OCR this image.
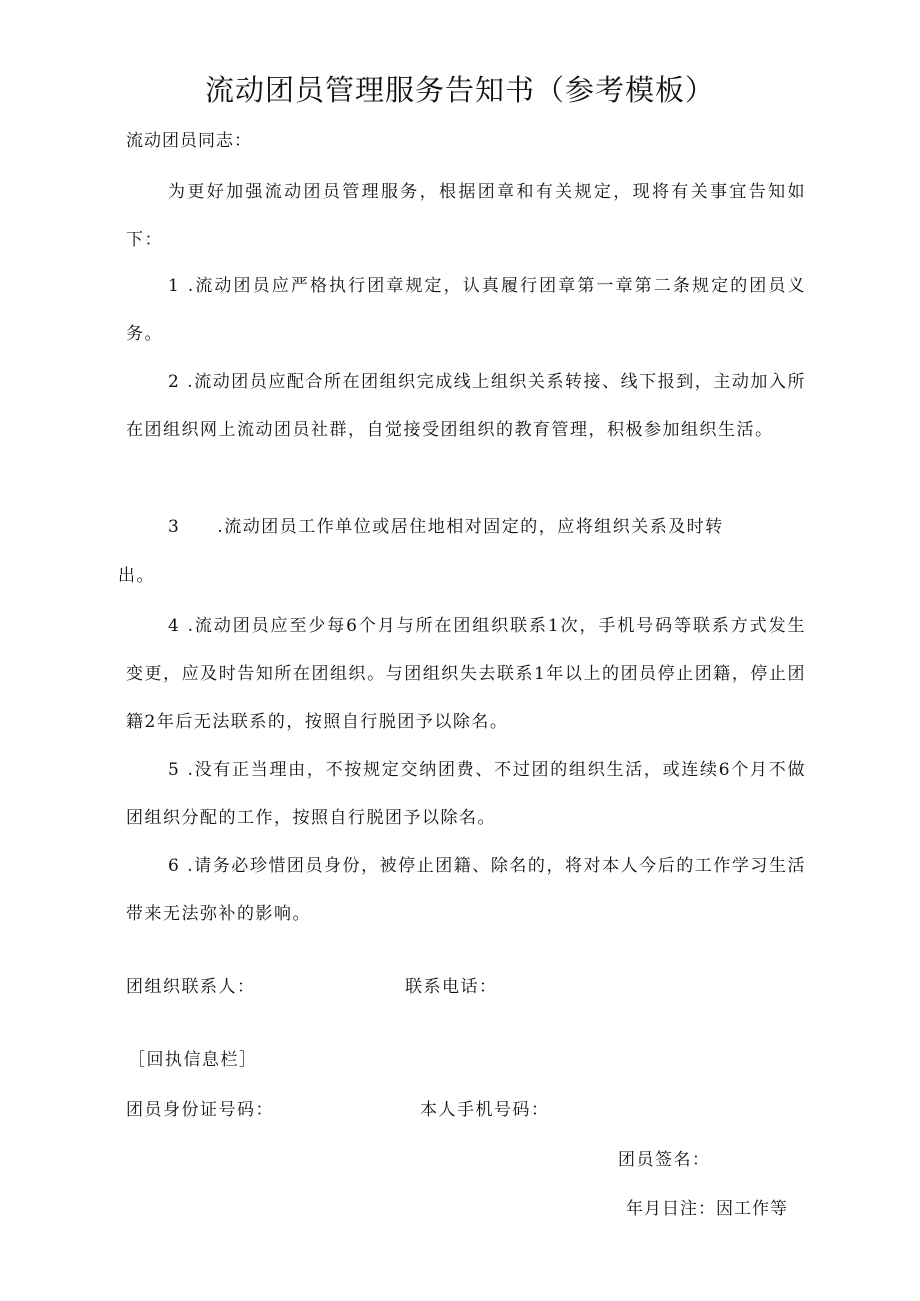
流动团员管理服务告知书（参考模板）
流动团员同志：

为更好加强流动团员管理服务，根据团章和有关规定，现将有关事宜告知如下：

1 .流动团员应严格执行团章规定，认真履行团章第一章第二条规定的团员义务。

2 .流动团员应配合所在团组织完成线上组织关系转接、线下报到，主动加入所在团组织网上流动团员社群，自觉接受团组织的教育管理，积极参加组织生活。

3　　.流动团员工作单位或居住地相对固定的，应将组织关系及时转

出。

4 .流动团员应至少每6个月与所在团组织联系1次，手机号码等联系方式发生变更，应及时告知所在团组织。与团组织失去联系1年以上的团员停止团籍，停止团籍2年后无法联系的，按照自行脱团予以除名。

5 .没有正当理由，不按规定交纳团费、不过团的组织生活，或连续6个月不做团组织分配的工作，按照自行脱团予以除名。

6 .请务必珍惜团员身份，被停止团籍、除名的，将对本人今后的工作学习生活带来无法弥补的影响。

团组织联系人：	联系电话：
［回执信息栏］
团员身份证号码：	本人手机号码：
团员签名：
年月日注：因工作等
